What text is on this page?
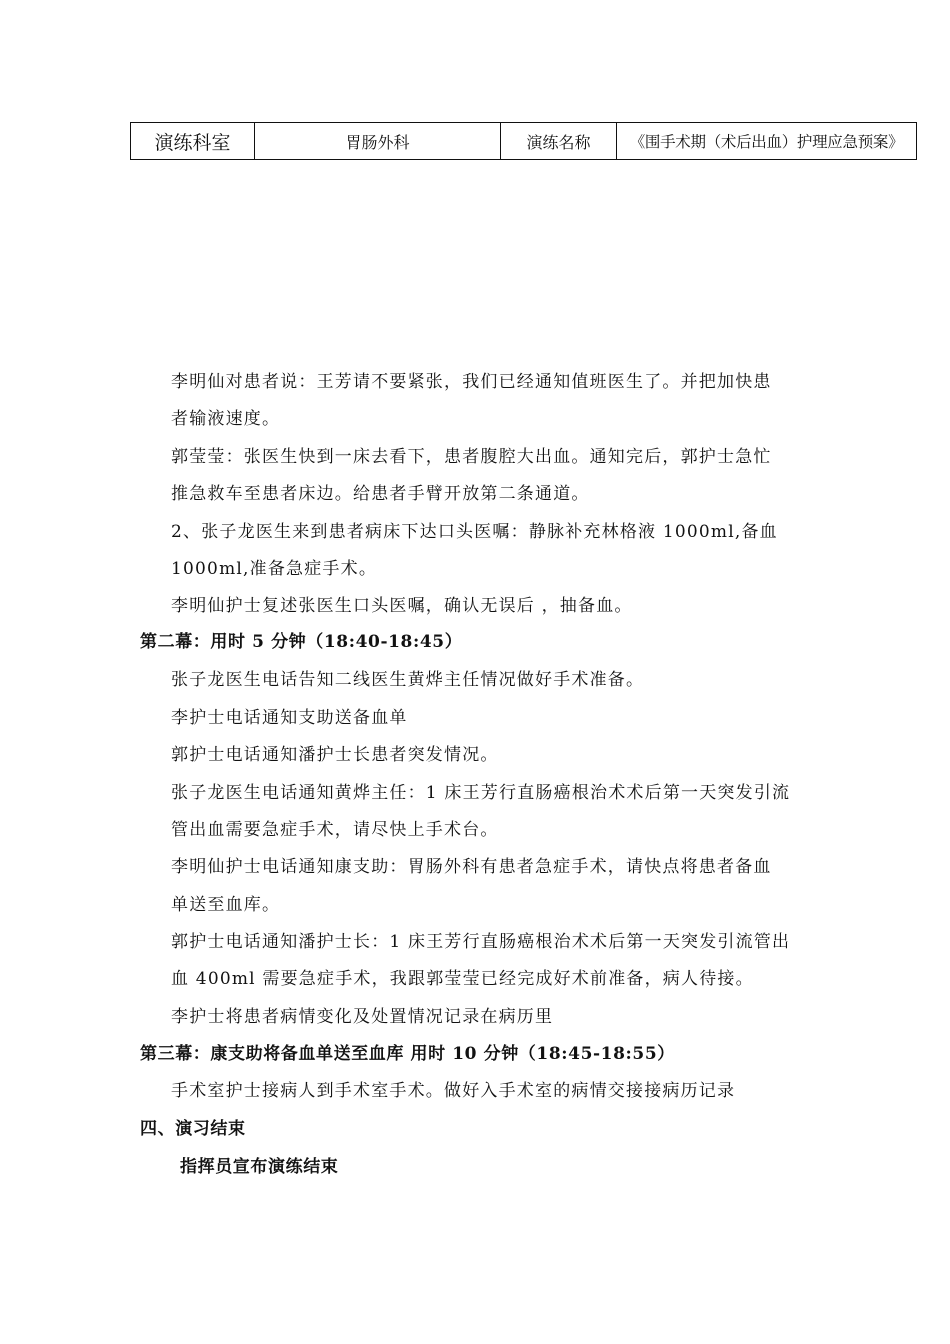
演练科室	胃肠外科	演练名称	《围手术期（术后出血）护理应急预案》
李明仙对患者说：王芳请不要紧张，我们已经通知值班医生了。并把加快患
者输液速度。
郭莹莹：张医生快到一床去看下，患者腹腔大出血。通知完后，郭护士急忙
推急救车至患者床边。给患者手臂开放第二条通道。
2、张子龙医生来到患者病床下达口头医嘱：静脉补充林格液 1000ml,备血
1000ml,准备急症手术。
李明仙护士复述张医生口头医嘱，确认无误后 ，抽备血。
第二幕：用时 5 分钟（18:40-18:45）
张子龙医生电话告知二线医生黄烨主任情况做好手术准备。
李护士电话通知支助送备血单
郭护士电话通知潘护士长患者突发情况。
张子龙医生电话通知黄烨主任：1 床王芳行直肠癌根治术术后第一天突发引流
管出血需要急症手术，请尽快上手术台。
李明仙护士电话通知康支助：胃肠外科有患者急症手术，请快点将患者备血
单送至血库。
郭护士电话通知潘护士长：1 床王芳行直肠癌根治术术后第一天突发引流管出
血 400ml 需要急症手术，我跟郭莹莹已经完成好术前准备，病人待接。
李护士将患者病情变化及处置情况记录在病历里
第三幕：康支助将备血单送至血库 用时 10 分钟（18:45-18:55）
手术室护士接病人到手术室手术。做好入手术室的病情交接接病历记录
四、演习结束
指挥员宣布演练结束
